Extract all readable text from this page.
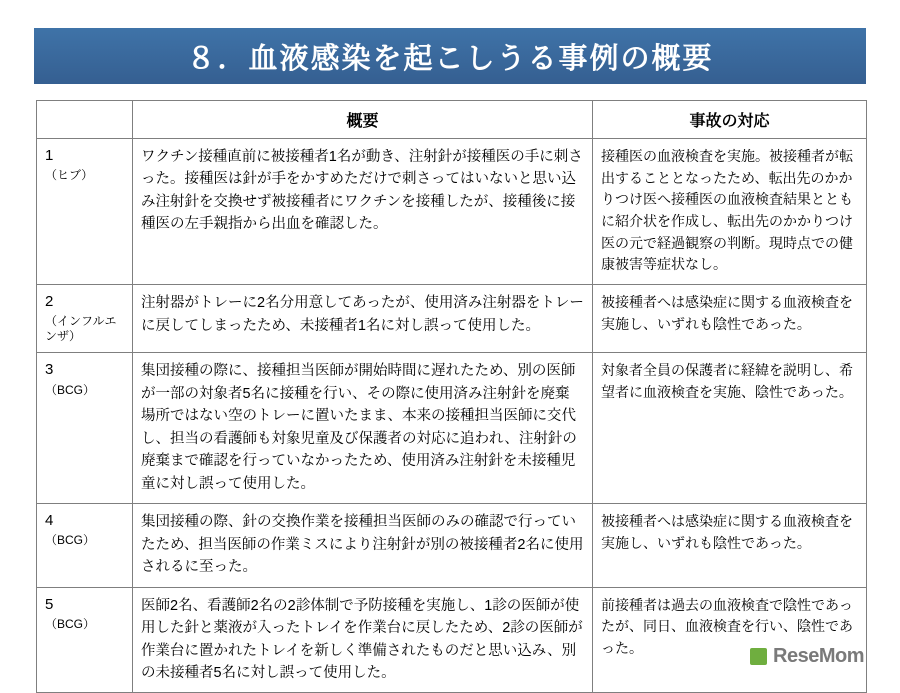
８．血液感染を起こしうる事例の概要
	概要	事故の対応

1
（ヒブ）	ワクチン接種直前に被接種者1名が動き、注射針が接種医の手に刺さった。接種医は針が手をかすめただけで刺さってはいないと思い込み注射針を交換せず被接種者にワクチンを接種したが、接種後に接種医の左手親指から出血を確認した。	接種医の血液検査を実施。被接種者が転出することとなったため、転出先のかかりつけ医へ接種医の血液検査結果とともに紹介状を作成し、転出先のかかりつけ医の元で経過観察の判断。現時点での健康被害等症状なし。

2
（インフルエンザ）	注射器がトレーに2名分用意してあったが、使用済み注射器をトレーに戻してしまったため、未接種者1名に対し誤って使用した。	被接種者へは感染症に関する血液検査を実施し、いずれも陰性であった。

3
（BCG）	集団接種の際に、接種担当医師が開始時間に遅れたため、別の医師が一部の対象者5名に接種を行い、その際に使用済み注射針を廃棄場所ではない空のトレーに置いたまま、本来の接種担当医師に交代し、担当の看護師も対象児童及び保護者の対応に追われ、注射針の廃棄まで確認を行っていなかったため、使用済み注射針を未接種児童に対し誤って使用した。	対象者全員の保護者に経緯を説明し、希望者に血液検査を実施、陰性であった。

4
（BCG）	集団接種の際、針の交換作業を接種担当医師のみの確認で行っていたため、担当医師の作業ミスにより注射針が別の被接種者2名に使用されるに至った。	被接種者へは感染症に関する血液検査を実施し、いずれも陰性であった。

5
（BCG）	医師2名、看護師2名の2診体制で予防接種を実施し、1診の医師が使用した針と薬液が入ったトレイを作業台に戻したため、2診の医師が作業台に置かれたトレイを新しく準備されたものだと思い込み、別の未接種者5名に対し誤って使用した。	前接種者は過去の血液検査で陰性であったが、同日、血液検査を行い、陰性であった。	ReseMom
